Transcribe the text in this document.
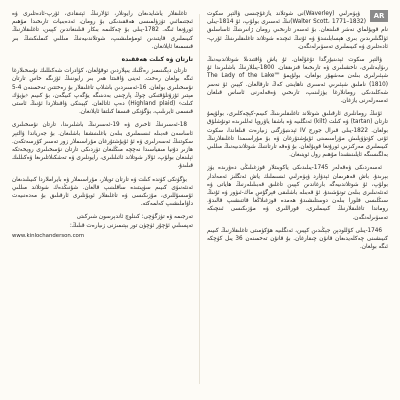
AR

ۋېۋەرلىي (Waverley)نى شوتلاند يازغۇچىسى ۋالتېر سكوت (Walter Scott، 1771–1832)نىڭ ئەسىرى بولۇپ، ئۇ 1814-يىلى نام قويۇلماي نەشر قىلىنغان. بۇ ئەسەر تارىخىي رومان ژانىرىنىڭ ئاساسلىق ئۈلگىلىرىدىن بىرى ھېسابلىنىدۇ ۋە ئۇنىڭ ئىچىدە شوتلاند تاغلىقلىرىنىڭ ئۆرپ-ئادەتلىرى ۋە كىيىملىرى تەسۋىرلەنگەن.

ۋالتېر سكوت ئېدىنبۇرگدا تۇغۇلغان. ئۇ ياش ۋاقتىدىلا شوتلاندىيەنىڭ رىۋايەتلىرى، ناخشىلىرى ۋە تارىخىغا قىزىققان. 1800-يىللارنىڭ باشلىرىدا ئۇ شېئىرلىرى بىلەن مەشھۇر بولغان، بولۇپمۇ "The Lady of the Lake" (1810) ناملىق شېئىرىي ئەسىرى ناھايىتى كەڭ تارقالغان. كېيىن ئۇ نەسر شەكلىدىكى رومانلارغا يۈزلىنىپ، تارىخىي ۋەقەلەرنى ئاساس قىلغان ئەسەرلەرنى يازغان.

ئۇنىڭ رومانلىرى ئارقىلىق شوتلاند تاغلىقلىرىنىڭ كىيىم-كېچەكلىرى، بولۇپمۇ تارتان (tartan) ۋە كىلت (kilt) ئەنگلىيە ۋە باشقا ياۋروپا ئەللىرىدە تونۇشلۇق بولغان. 1822-يىلى قىرال جورج IV ئېدىنبۇرگنى زىيارەت قىلغاندا، سكوت ئۇنى كۈتۈۋېلىش مۇراسىمىنى ئۇيۇشتۇرغان ۋە بۇ مۇراسىمدا تاغلىقلارنىڭ كىيىملىرى مەركىزىي ئورۇنغا قويۇلغان. بۇ ۋەقە تارتاننىڭ شوتلاندىيەنىڭ مىللىي بەلگىسىگە ئايلىنىشىدا مۇھىم رول ئوينىغان.

ئەسەردىكى ۋەقەلەر 1745-يىلىدىكى ياكوبىتلار قوزغىلىڭى دەۋرىدە يۈز بېرىدۇ. باش قەھرىمان ئېدۋارد ۋېۋەرلىي ئىسىملىك ياش ئەنگلىز ئەمەلدار بولۇپ، ئۇ شوتلاندىيەگە بارغاندىن كېيىن تاغلىق قەبىلىلەرنىڭ ھاياتى ۋە ئەنئەنىلىرى بىلەن تونۇشىدۇ. ئۇ قەبىلە باشلىقى فېرگۇس ماك-ئىۋور ۋە ئۇنىڭ سىڭلىسى فلورا بىلەن دوستلىشىدۇ ھەمدە قوزغىلاڭغا قاتنىشىپ قالىدۇ. روماندا تاغلىقلارنىڭ كىيىملىرى، قوراللىرى ۋە مۇزىكىسى ئىنچىكە تەسۋىرلەنگەن.

1746-يىلى كۇللودېن جېڭىدىن كېيىن، ئەنگلىيە ھۆكۈمىتى تاغلىقلارنىڭ كىيىم كىيىشىنى چەكلەيدىغان قانۇن چىقارغان. بۇ قانۇن تەخمىنەن 36 يىل كۈچكە ئىگە بولغان.

تاغلىقلار ياشايدىغان رايونلار، ئۇلارنىڭ ئېتىقادى، ئۆرپ-ئادەتلىرى ۋە ئىجتىمائىي تۈزۈلمىسى ھەققىدىكى بۇ رومان، ئەدەبىيات تارىخىدا مۇھىم ئورۇنغا ئىگە. 1782-يىلى بۇ چەكلىمە بىكار قىلىنغاندىن كېيىن، تاغلىقلارنىڭ كىيىملىرى قايتىدىن ئومۇملىشىپ، شوتلاندىيەنىڭ مىللىي كىملىكىنىڭ بىر قىسمىغا ئايلانغان.

تارتان ۋە كىلت ھەققىدە

تارتان دېگىنىمىز رەڭلىك يىپلاردىن توقۇلغان، كۋادرات شەكىللىك نۇسخىلارغا ئىگە بولغان رەخت. ئەينى ۋاقىتتا ھەر بىر رايوننىڭ ئۆزىگە خاس تارتان نۇسخىلىرى بولغان. 16-ئەسىردىن باشلاپ تاغلىقلار بۇ رەختتىن تەخمىنەن 4-5 مېتىر ئۇزۇنلۇقتىكى چوڭ پارچىنى بەدىنىگە يۆگەپ كىيگەن، بۇ كىيىم ‹بۈيۈك كىلت› (Highland plaid) دەپ ئاتالغان. كېيىنكى ۋاقىتلاردا ئۇنىڭ ئاستى قىسمى ئايرىلىپ، بۈگۈنكى قىسقا كىلتقا ئايلانغان.

18-ئەسىرنىڭ ئاخىرى ۋە 19-ئەسىرنىڭ باشلىرىدا، تارتان نۇسخىلىرى ئاساسەن قەبىلە ئىسىملىرى بىلەن باغلىنىشقا باشلىغان. بۇ جەرياندا ۋالتېر سكوتنىڭ ئەسەرلىرى ۋە ئۇ ئۇيۇشتۇرغان مۇراسىملار زور تەسىر كۆرسەتكەن. ھازىر دۇنيا مىقياسىدا نەچچە مىڭلىغان تۈردىكى تارتان نۇسخىلىرى رويخەتكە ئېلىنغان بولۇپ، ئۇلار شوتلاند ئائىلىلىرى، رايونلىرى ۋە تەشكىلاتلىرىغا ۋەكىللىك قىلىدۇ.

بۈگۈنكى كۈندە كىلت ۋە تارتان تويلار، مۇراسىملار ۋە بايراملاردا كىيىلىدىغان ئەنئەنىۋى كىيىم سۈپىتىدە ساقلىنىپ قالغان. شۇنىڭدەك شوتلاند مىللىي ئۇسسۇللىرى، مۇزىكىسى ۋە تاغلىقلار ئويۇنلىرى ئارقىلىق بۇ مەدەنىيەت داۋاملىشىپ كەلمەكتە.

تەرجىمە ۋە تۈزگۈچى: كىنلوچ ئاندېرسون شىركىتى

تەپسىلىي ئۇچۇر ئۈچۈن تور بېتىمىزنى زىيارەت قىلىڭ:

www.kinlochanderson.com
